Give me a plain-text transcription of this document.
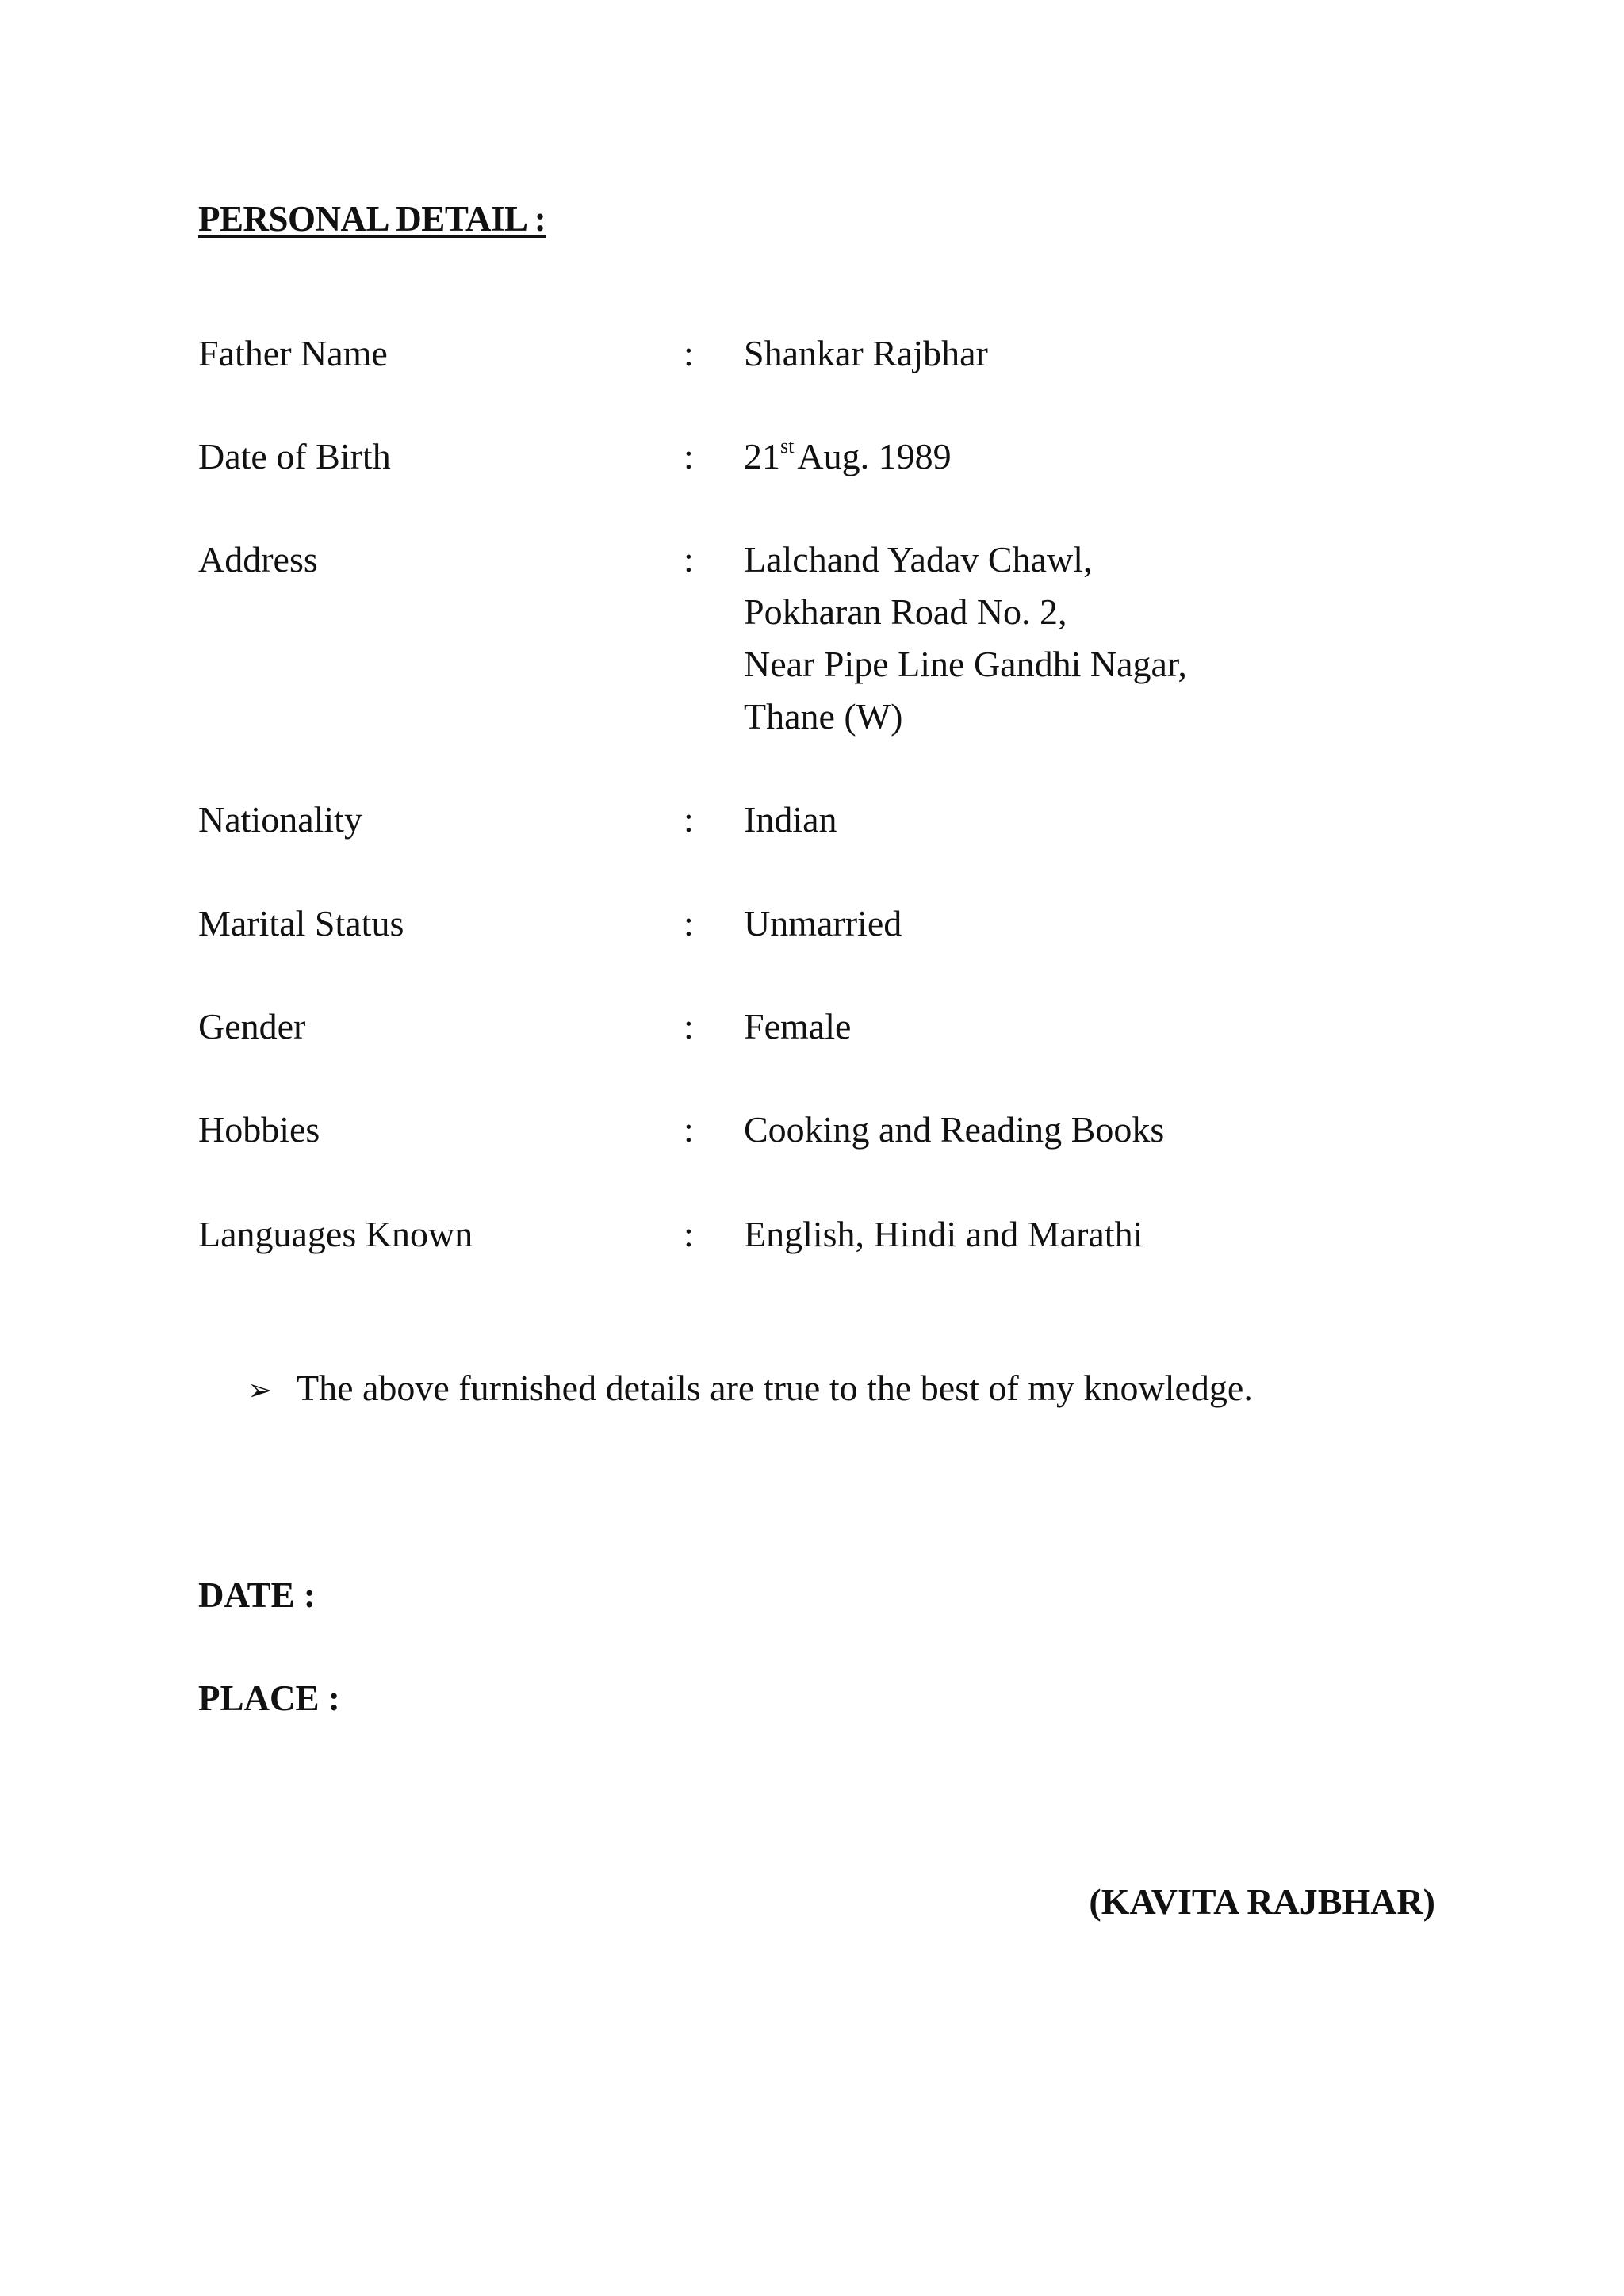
PERSONAL DETAIL :
Father Name	: Shankar Rajbhar
Date of Birth	: 21stAug. 1989
Address	: Lalchand Yadav Chawl,
Pokharan Road No. 2,
Near Pipe Line Gandhi Nagar,
Thane (W)
Nationality	: Indian
Marital Status	: Unmarried
Gender	: Female
Hobbies	: Cooking and Reading Books
Languages Known	: English, Hindi and Marathi
➢ The above furnished details are true to the best of my knowledge.
DATE :
PLACE :
(KAVITA RAJBHAR)
